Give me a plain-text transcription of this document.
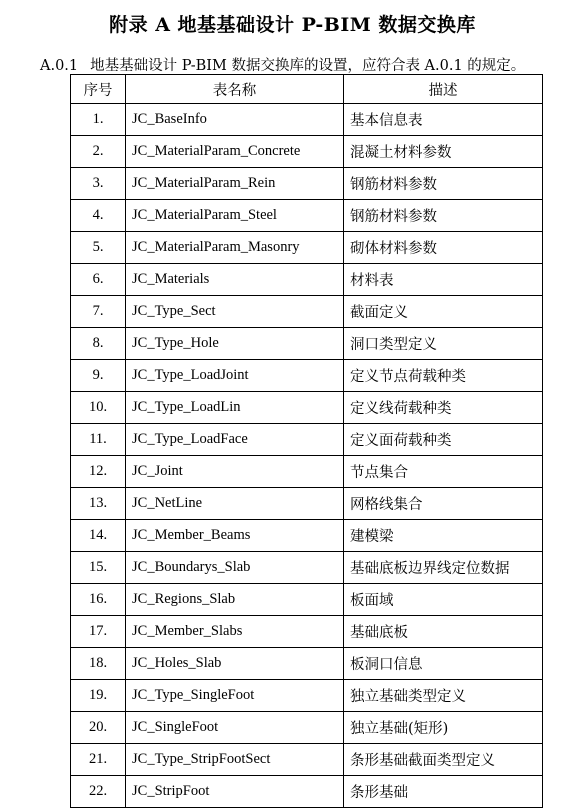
附录 A 地基基础设计 P-BIM 数据交换库
A.0.1 地基基础设计 P-BIM 数据交换库的设置，应符合表 A.0.1 的规定。
序号	表名称	描述
1.	JC_BaseInfo	基本信息表
2.	JC_MaterialParam_Concrete	混凝土材料参数
3.	JC_MaterialParam_Rein	钢筋材料参数
4.	JC_MaterialParam_Steel	钢筋材料参数
5.	JC_MaterialParam_Masonry	砌体材料参数
6.	JC_Materials	材料表
7.	JC_Type_Sect	截面定义
8.	JC_Type_Hole	洞口类型定义
9.	JC_Type_LoadJoint	定义节点荷载种类
10.	JC_Type_LoadLin	定义线荷载种类
11.	JC_Type_LoadFace	定义面荷载种类
12.	JC_Joint	节点集合
13.	JC_NetLine	网格线集合
14.	JC_Member_Beams	建模梁
15.	JC_Boundarys_Slab	基础底板边界线定位数据
16.	JC_Regions_Slab	板面域
17.	JC_Member_Slabs	基础底板
18.	JC_Holes_Slab	板洞口信息
19.	JC_Type_SingleFoot	独立基础类型定义
20.	JC_SingleFoot	独立基础(矩形)
21.	JC_Type_StripFootSect	条形基础截面类型定义
22.	JC_StripFoot	条形基础
